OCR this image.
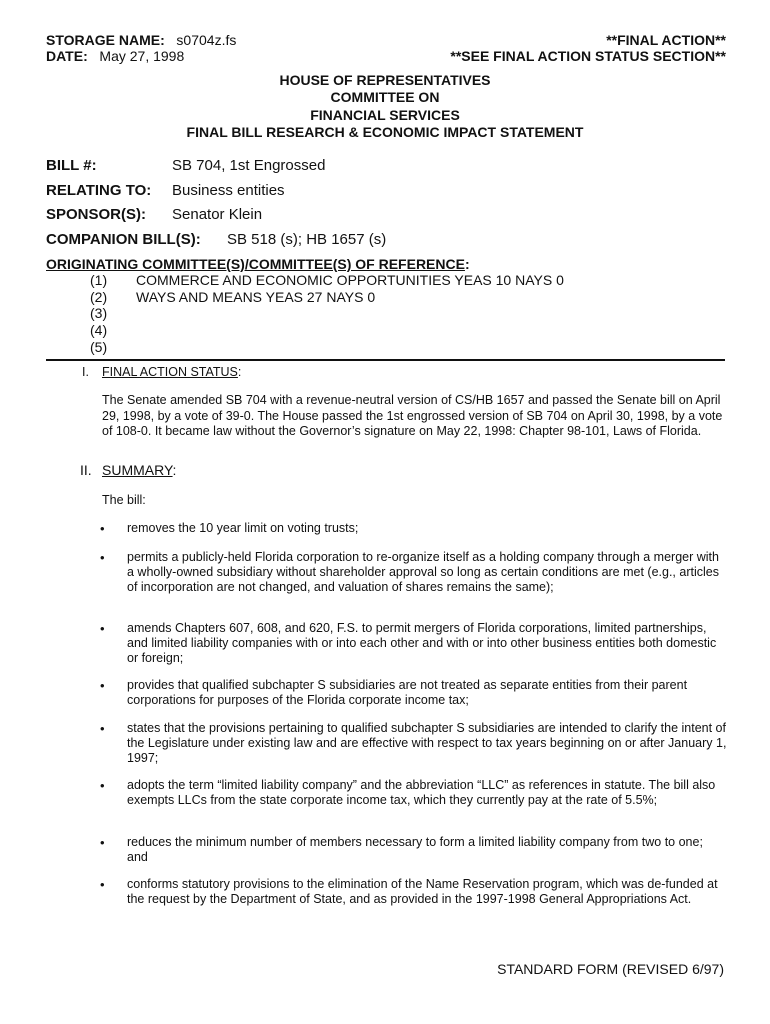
STORAGE NAME: s0704z.fs
DATE: May 27, 1998
**FINAL ACTION**
**SEE FINAL ACTION STATUS SECTION**
HOUSE OF REPRESENTATIVES
COMMITTEE ON
FINANCIAL SERVICES
FINAL BILL RESEARCH & ECONOMIC IMPACT STATEMENT
BILL #:	SB 704, 1st Engrossed
RELATING TO: Business entities
SPONSOR(S): Senator Klein
COMPANION BILL(S): SB 518 (s); HB 1657 (s)
ORIGINATING COMMITTEE(S)/COMMITTEE(S) OF REFERENCE:
(1) COMMERCE AND ECONOMIC OPPORTUNITIES YEAS 10 NAYS 0
(2) WAYS AND MEANS YEAS 27 NAYS 0
(3)
(4)
(5)
I. FINAL ACTION STATUS:
The Senate amended SB 704 with a revenue-neutral version of CS/HB 1657 and passed the Senate bill on April 29, 1998, by a vote of 39-0. The House passed the 1st engrossed version of SB 704 on April 30, 1998, by a vote of 108-0. It became law without the Governor’s signature on May 22, 1998: Chapter 98-101, Laws of Florida.
II. SUMMARY:
The bill:
• removes the 10 year limit on voting trusts;
• permits a publicly-held Florida corporation to re-organize itself as a holding company through a merger with a wholly-owned subsidiary without shareholder approval so long as certain conditions are met (e.g., articles of incorporation are not changed, and valuation of shares remains the same);
• amends Chapters 607, 608, and 620, F.S. to permit mergers of Florida corporations, limited partnerships, and limited liability companies with or into each other and with or into other business entities both domestic or foreign;
• provides that qualified subchapter S subsidiaries are not treated as separate entities from their parent corporations for purposes of the Florida corporate income tax;
• states that the provisions pertaining to qualified subchapter S subsidiaries are intended to clarify the intent of the Legislature under existing law and are effective with respect to tax years beginning on or after January 1, 1997;
• adopts the term “limited liability company” and the abbreviation “LLC” as references in statute. The bill also exempts LLCs from the state corporate income tax, which they currently pay at the rate of 5.5%;
• reduces the minimum number of members necessary to form a limited liability company from two to one; and
• conforms statutory provisions to the elimination of the Name Reservation program, which was de-funded at the request by the Department of State, and as provided in the 1997-1998 General Appropriations Act.
STANDARD FORM (REVISED 6/97)
